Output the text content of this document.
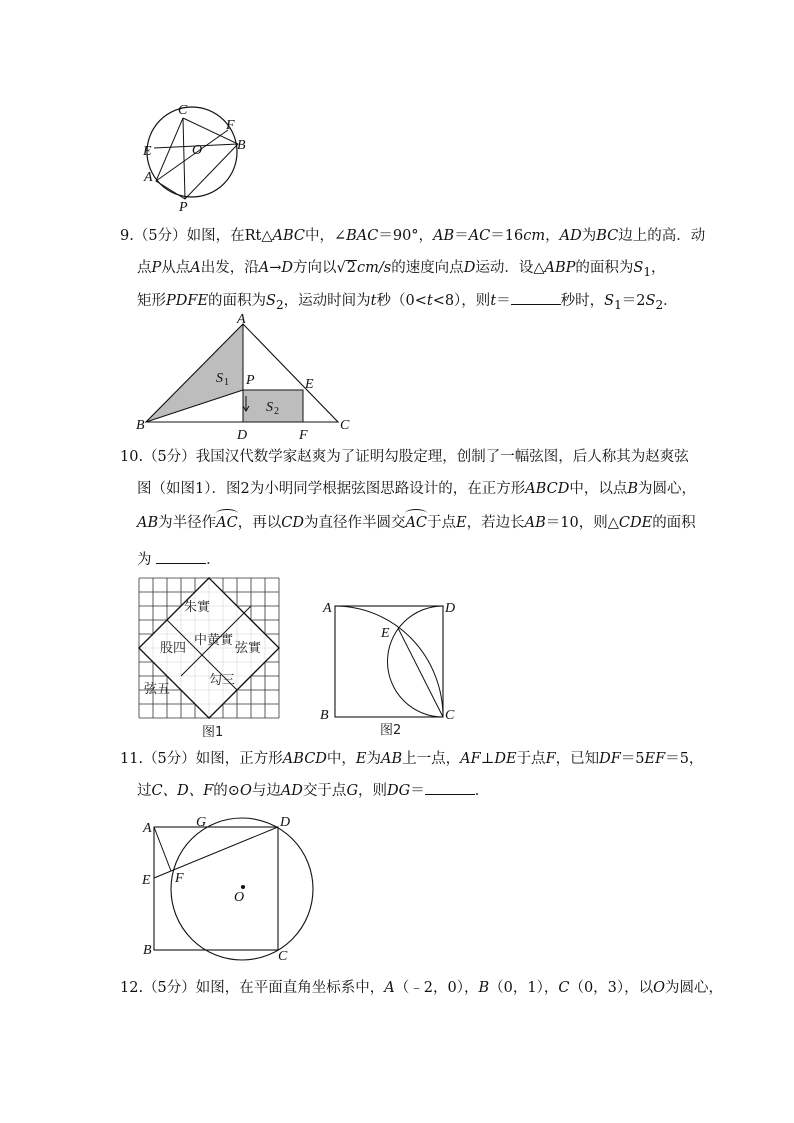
C
F
B
E	O
A
P
9.（5分）如图，在Rt△ABC中，∠BAC＝90°，AB＝AC＝16cm，AD为BC边上的高．动
点P从点A出发，沿A→D方向以√2cm/s的速度向点D运动．设△ABP的面积为$S_1$，
矩形PDFE的面积为$S_2$，运动时间为t秒（0<t<8），则t＝	秒时，$S_1=2S_2$．
A
S 1 P	E
S 2
B
D	F
C
10.（5分）我国汉代数学家赵爽为了证明勾股定理，创制了一幅弦图，后人称其为赵爽弦
图（如图1）．图2为小明同学根据弦图思路设计的，在正方形ABCD中，以点B为圆心，
AB为半径作AC，再以CD为直径作半圆交AC于点E，若边长AB＝10，则△CDE的面积
为	．
朱實
中黄實
股四	弦實
勾三
弦五
图1
A	D
E
B	C
图2
11.（5分）如图，正方形ABCD中，E为AB上一点，AF⊥DE于点F，已知DF＝5EF＝5，
过C、D、F的⊙O与边AD交于点G，则DG＝	．
A	G	D
F
E
O
B	C
12.（5分）如图，在平面直角坐标系中，A（﹣2，0），B（0，1），C（0，3），以O为圆心，
